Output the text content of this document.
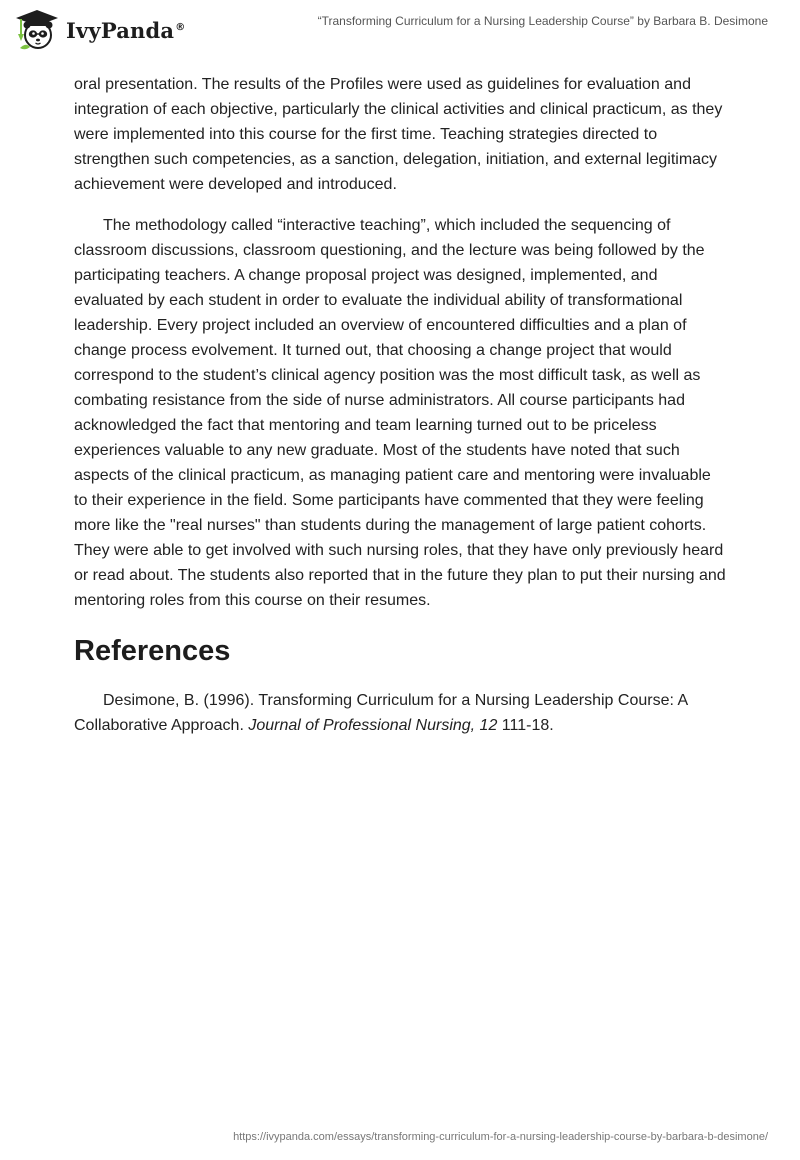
IvyPanda®	“Transforming Curriculum for a Nursing Leadership Course” by Barbara B. Desimone

oral presentation. The results of the Profiles were used as guidelines for evaluation and integration of each objective, particularly the clinical activities and clinical practicum, as they were implemented into this course for the first time. Teaching strategies directed to strengthen such competencies, as a sanction, delegation, initiation, and external legitimacy achievement were developed and introduced.

The methodology called “interactive teaching”, which included the sequencing of classroom discussions, classroom questioning, and the lecture was being followed by the participating teachers. A change proposal project was designed, implemented, and evaluated by each student in order to evaluate the individual ability of transformational leadership. Every project included an overview of encountered difficulties and a plan of change process evolvement. It turned out, that choosing a change project that would correspond to the student’s clinical agency position was the most difficult task, as well as combating resistance from the side of nurse administrators. All course participants had acknowledged the fact that mentoring and team learning turned out to be priceless experiences valuable to any new graduate. Most of the students have noted that such aspects of the clinical practicum, as managing patient care and mentoring were invaluable to their experience in the field. Some participants have commented that they were feeling more like the "real nurses" than students during the management of large patient cohorts. They were able to get involved with such nursing roles, that they have only previously heard or read about. The students also reported that in the future they plan to put their nursing and mentoring roles from this course on their resumes.

References

Desimone, B. (1996). Transforming Curriculum for a Nursing Leadership Course: A Collaborative Approach. Journal of Professional Nursing, 12 111-18.

https://ivypanda.com/essays/transforming-curriculum-for-a-nursing-leadership-course-by-barbara-b-desimone/
